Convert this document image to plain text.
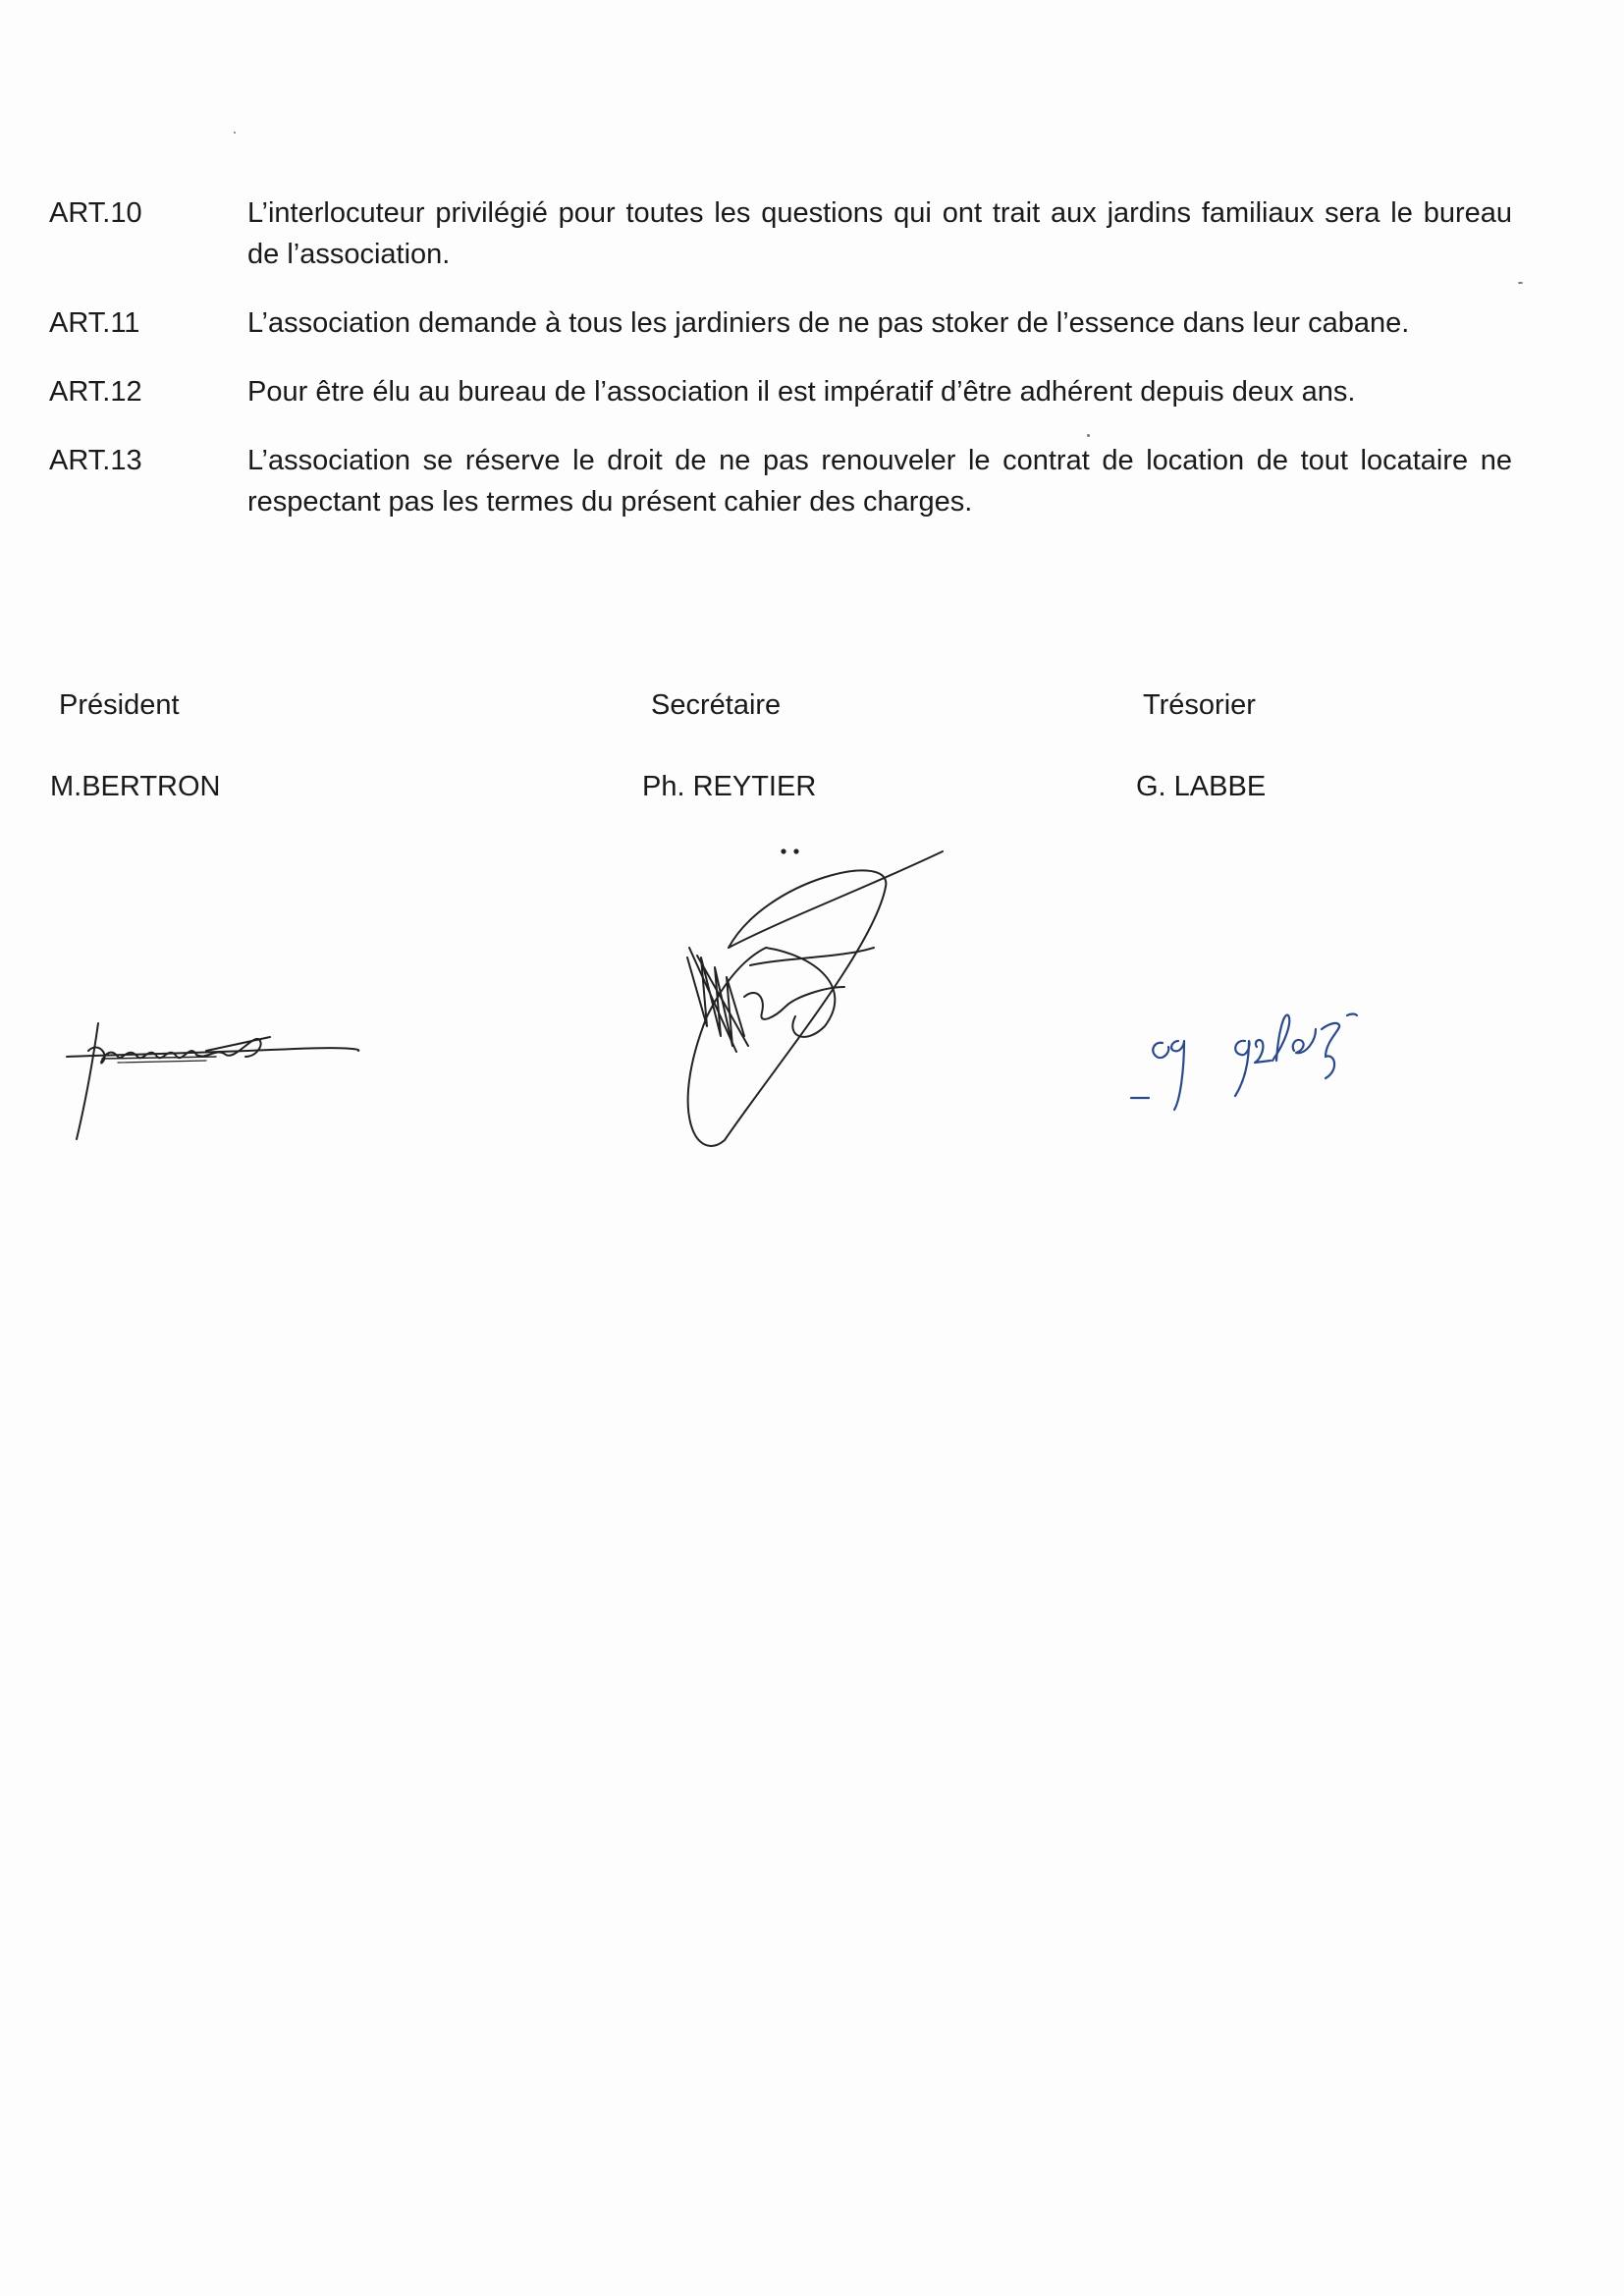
ART.10	L’interlocuteur privilégié pour toutes les questions qui ont trait aux jardins familiaux sera le bureau de l’association.
ART.11	L’association demande à tous les jardiniers de ne pas stoker de l’essence dans leur cabane.
ART.12	Pour être élu au bureau de l’association il est impératif d’être adhérent depuis deux ans.
ART.13	L’association se réserve le droit de ne pas renouveler le contrat de location de tout locataire ne respectant pas les termes du présent cahier des charges.
Président
M.BERTRON
Secrétaire
Ph. REYTIER
Trésorier
G. LABBE
